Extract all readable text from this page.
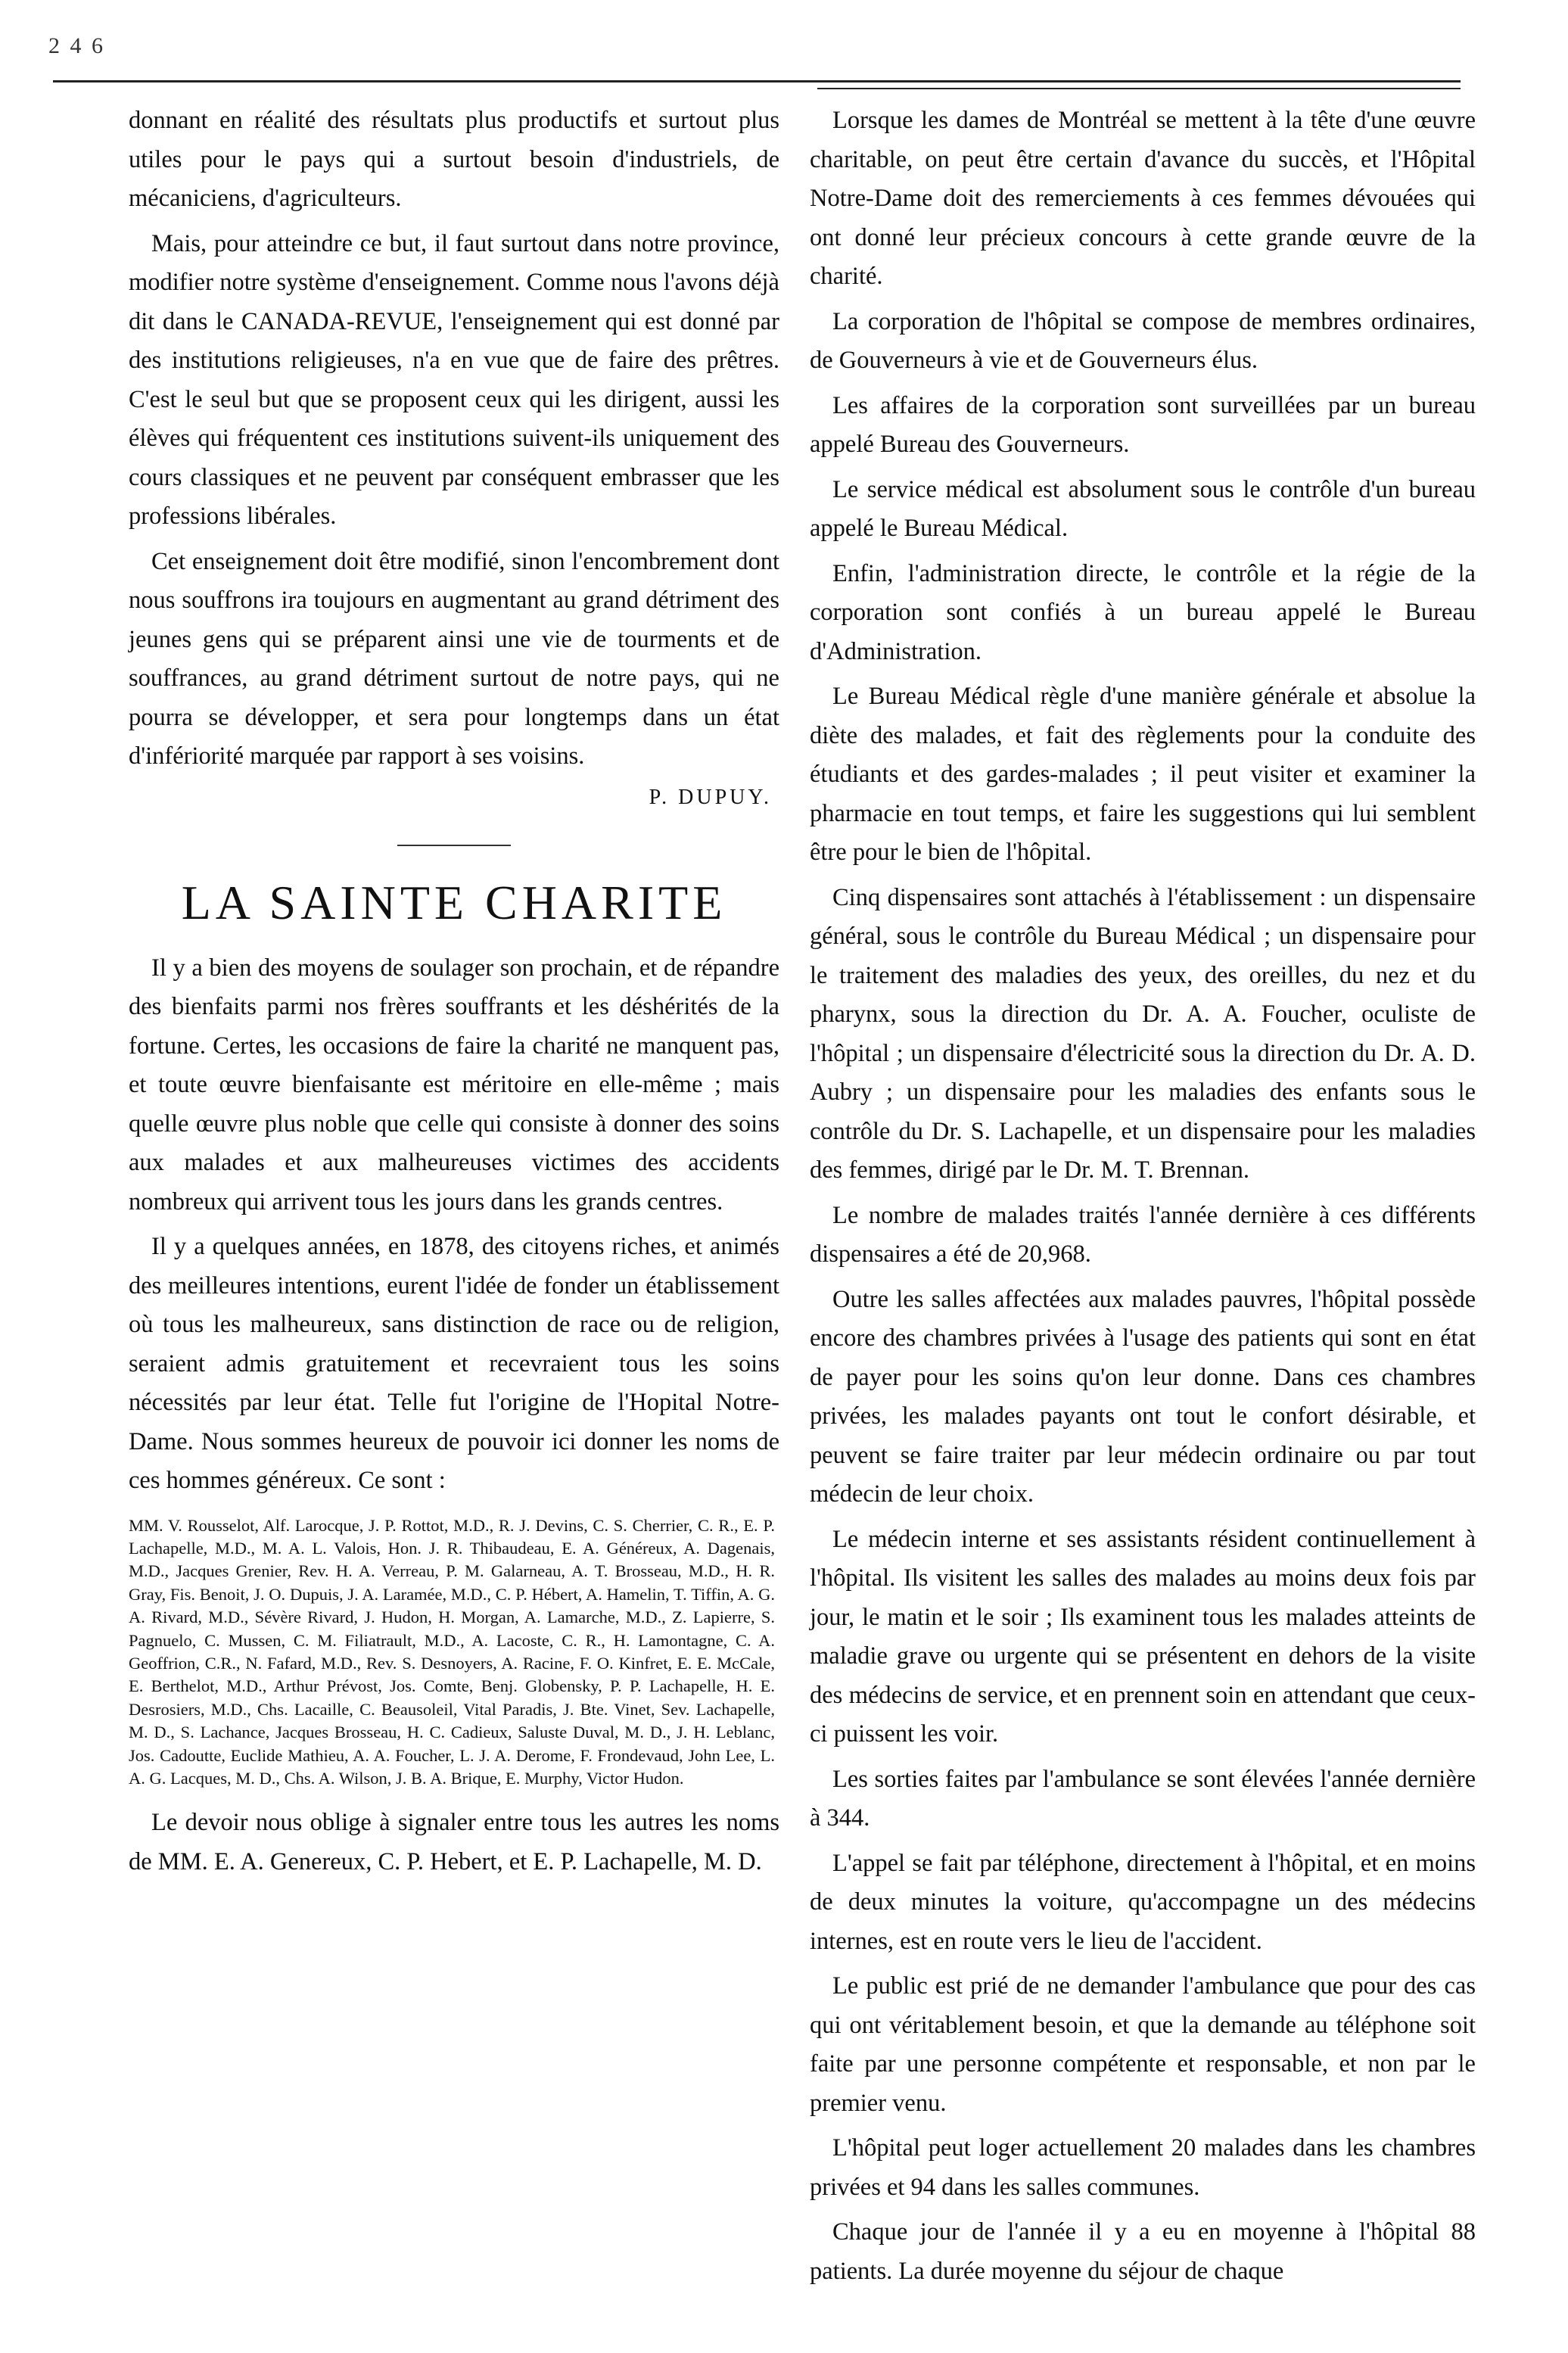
2 4 6

donnant en réalité des résultats plus productifs et surtout plus utiles pour le pays qui a surtout besoin d'industriels, de mécaniciens, d'agriculteurs.

Mais, pour atteindre ce but, il faut surtout dans notre province, modifier notre système d'enseignement. Comme nous l'avons déjà dit dans le CANADA-REVUE, l'enseignement qui est donné par des institutions religieuses, n'a en vue que de faire des prêtres. C'est le seul but que se proposent ceux qui les dirigent, aussi les élèves qui fréquentent ces institutions suivent-ils uniquement des cours classiques et ne peuvent par conséquent embrasser que les professions libérales.

Cet enseignement doit être modifié, sinon l'encombrement dont nous souffrons ira toujours en augmentant au grand détriment des jeunes gens qui se préparent ainsi une vie de tourments et de souffrances, au grand détriment surtout de notre pays, qui ne pourra se développer, et sera pour longtemps dans un état d'infériorité marquée par rapport à ses voisins.

P. DUPUY.
LA SAINTE CHARITE

Il y a bien des moyens de soulager son prochain, et de répandre des bienfaits parmi nos frères souffrants et les déshérités de la fortune. Certes, les occasions de faire la charité ne manquent pas, et toute œuvre bienfaisante est méritoire en elle-même ; mais quelle œuvre plus noble que celle qui consiste à donner des soins aux malades et aux malheureuses victimes des accidents nombreux qui arrivent tous les jours dans les grands centres.

Il y a quelques années, en 1878, des citoyens riches, et animés des meilleures intentions, eurent l'idée de fonder un établissement où tous les malheureux, sans distinction de race ou de religion, seraient admis gratuitement et recevraient tous les soins nécessités par leur état. Telle fut l'origine de l'Hopital Notre-Dame. Nous sommes heureux de pouvoir ici donner les noms de ces hommes généreux. Ce sont :

MM. V. Rousselot, Alf. Larocque, J. P. Rottot, M.D., R. J. Devins, C. S. Cherrier, C. R., E. P. Lachapelle, M.D., M. A. L. Valois, Hon. J. R. Thibaudeau, E. A. Généreux, A. Dagenais, M.D., Jacques Grenier, Rev. H. A. Verreau, P. M. Galarneau, A. T. Brosseau, M.D., H. R. Gray, Fis. Benoit, J. O. Dupuis, J. A. Laramée, M.D., C. P. Hébert, A. Hamelin, T. Tiffin, A. G. A. Rivard, M.D., Sévère Rivard, J. Hudon, H. Morgan, A. Lamarche, M.D., Z. Lapierre, S. Pagnuelo, C. Mussen, C. M. Filiatrault, M.D., A. Lacoste, C. R., H. Lamontagne, C. A. Geoffrion, C.R., N. Fafard, M.D., Rev. S. Desnoyers, A. Racine, F. O. Kinfret, E. E. McCale, E. Berthelot, M.D., Arthur Prévost, Jos. Comte, Benj. Globensky, P. P. Lachapelle, H. E. Desrosiers, M.D., Chs. Lacaille, C. Beausoleil, Vital Paradis, J. Bte. Vinet, Sev. Lachapelle, M. D., S. Lachance, Jacques Brosseau, H. C. Cadieux, Saluste Duval, M. D., J. H. Leblanc, Jos. Cadoutte, Euclide Mathieu, A. A. Foucher, L. J. A. Derome, F. Frondevaud, John Lee, L. A. G. Lacques, M. D., Chs. A. Wilson, J. B. A. Brique, E. Murphy, Victor Hudon.

Le devoir nous oblige à signaler entre tous les autres les noms de MM. E. A. Genereux, C. P. Hebert, et E. P. Lachapelle, M. D.

Lorsque les dames de Montréal se mettent à la tête d'une œuvre charitable, on peut être certain d'avance du succès, et l'Hôpital Notre-Dame doit des remerciements à ces femmes dévouées qui ont donné leur précieux concours à cette grande œuvre de la charité.

La corporation de l'hôpital se compose de membres ordinaires, de Gouverneurs à vie et de Gouverneurs élus.

Les affaires de la corporation sont surveillées par un bureau appelé Bureau des Gouverneurs.

Le service médical est absolument sous le contrôle d'un bureau appelé le Bureau Médical.

Enfin, l'administration directe, le contrôle et la régie de la corporation sont confiés à un bureau appelé le Bureau d'Administration.

Le Bureau Médical règle d'une manière générale et absolue la diète des malades, et fait des règlements pour la conduite des étudiants et des gardes-malades ; il peut visiter et examiner la pharmacie en tout temps, et faire les suggestions qui lui semblent être pour le bien de l'hôpital.

Cinq dispensaires sont attachés à l'établissement : un dispensaire général, sous le contrôle du Bureau Médical ; un dispensaire pour le traitement des maladies des yeux, des oreilles, du nez et du pharynx, sous la direction du Dr. A. A. Foucher, oculiste de l'hôpital ; un dispensaire d'électricité sous la direction du Dr. A. D. Aubry ; un dispensaire pour les maladies des enfants sous le contrôle du Dr. S. Lachapelle, et un dispensaire pour les maladies des femmes, dirigé par le Dr. M. T. Brennan.

Le nombre de malades traités l'année dernière à ces différents dispensaires a été de 20,968.

Outre les salles affectées aux malades pauvres, l'hôpital possède encore des chambres privées à l'usage des patients qui sont en état de payer pour les soins qu'on leur donne. Dans ces chambres privées, les malades payants ont tout le confort désirable, et peuvent se faire traiter par leur médecin ordinaire ou par tout médecin de leur choix.

Le médecin interne et ses assistants résident continuellement à l'hôpital. Ils visitent les salles des malades au moins deux fois par jour, le matin et le soir ; Ils examinent tous les malades atteints de maladie grave ou urgente qui se présentent en dehors de la visite des médecins de service, et en prennent soin en attendant que ceux-ci puissent les voir.

Les sorties faites par l'ambulance se sont élevées l'année dernière à 344.

L'appel se fait par téléphone, directement à l'hôpital, et en moins de deux minutes la voiture, qu'accompagne un des médecins internes, est en route vers le lieu de l'accident.

Le public est prié de ne demander l'ambulance que pour des cas qui ont véritablement besoin, et que la demande au téléphone soit faite par une personne compétente et responsable, et non par le premier venu.

L'hôpital peut loger actuellement 20 malades dans les chambres privées et 94 dans les salles communes.

Chaque jour de l'année il y a eu en moyenne à l'hôpital 88 patients. La durée moyenne du séjour de chaque
